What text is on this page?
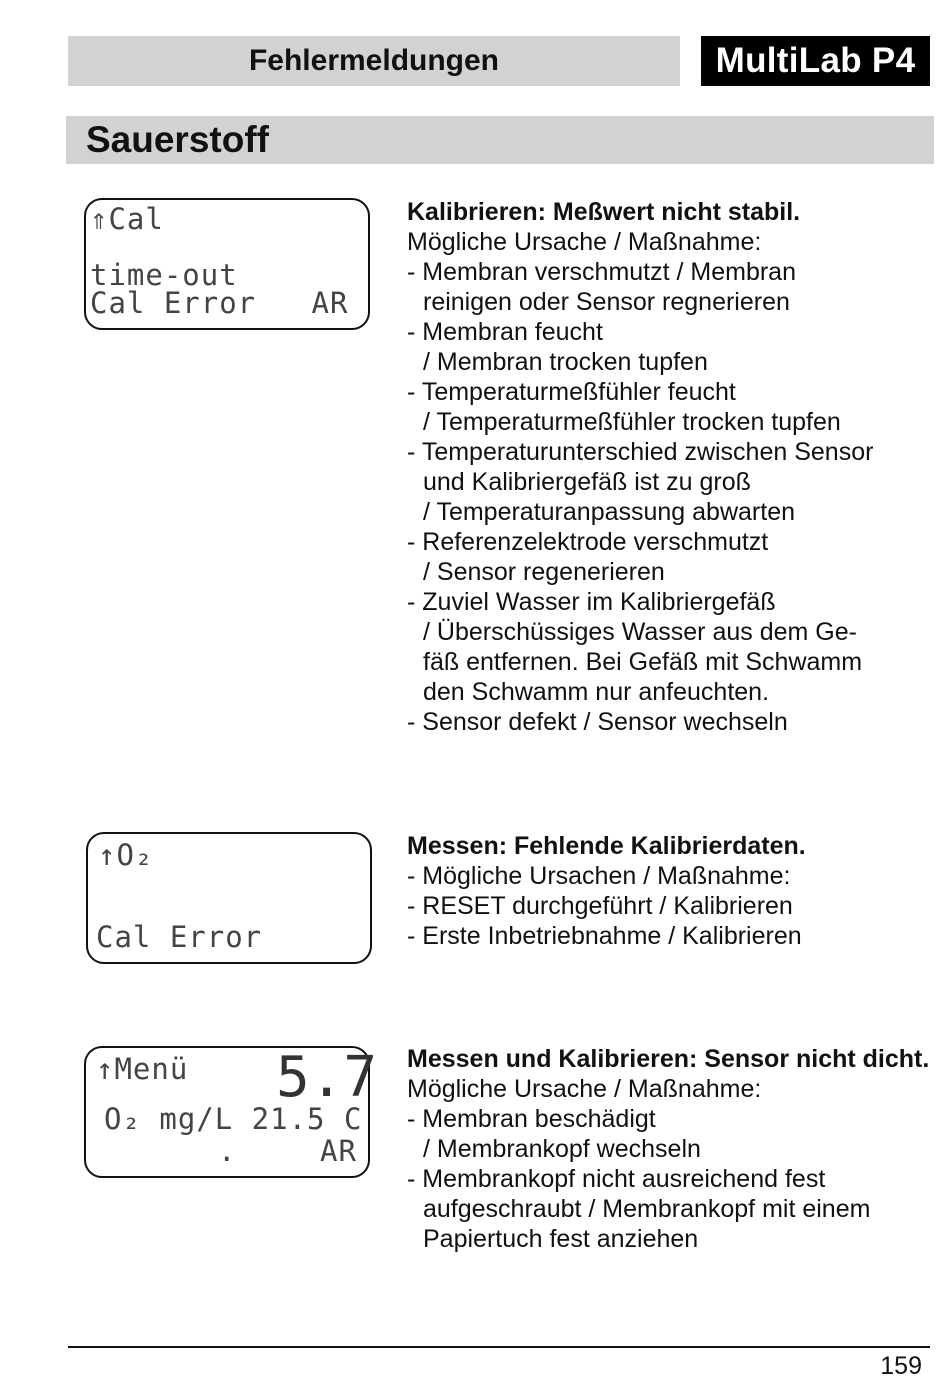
Fehlermeldungen	MultiLab P4
Sauerstoff
⇑Cal
time-out
Cal Error   AR
Kalibrieren: Meßwert nicht stabil.
Mögliche Ursache / Maßnahme:
- Membran verschmutzt / Membran
reinigen oder Sensor regnerieren
- Membran feucht
/ Membran trocken tupfen
- Temperaturmeßfühler feucht
/ Temperaturmeßfühler trocken tupfen
- Temperaturunterschied zwischen Sensor
und Kalibriergefäß ist zu groß
/ Temperaturanpassung abwarten
- Referenzelektrode verschmutzt
/ Sensor regenerieren
- Zuviel Wasser im Kalibriergefäß
/ Überschüssiges Wasser aus dem Ge-
fäß entfernen. Bei Gefäß mit Schwamm
den Schwamm nur anfeuchten.
- Sensor defekt / Sensor wechseln
↑O₂
Cal Error
Messen: Fehlende Kalibrierdaten.
- Mögliche Ursachen / Maßnahme:
- RESET durchgeführt / Kalibrieren
- Erste Inbetriebnahme / Kalibrieren
↑Menü 5.7
O₂ mg/L 21.5 C
.	AR
Messen und Kalibrieren: Sensor nicht dicht.
Mögliche Ursache / Maßnahme:
- Membran beschädigt
/ Membrankopf wechseln
- Membrankopf nicht ausreichend fest
aufgeschraubt / Membrankopf mit einem
Papiertuch fest anziehen
159
